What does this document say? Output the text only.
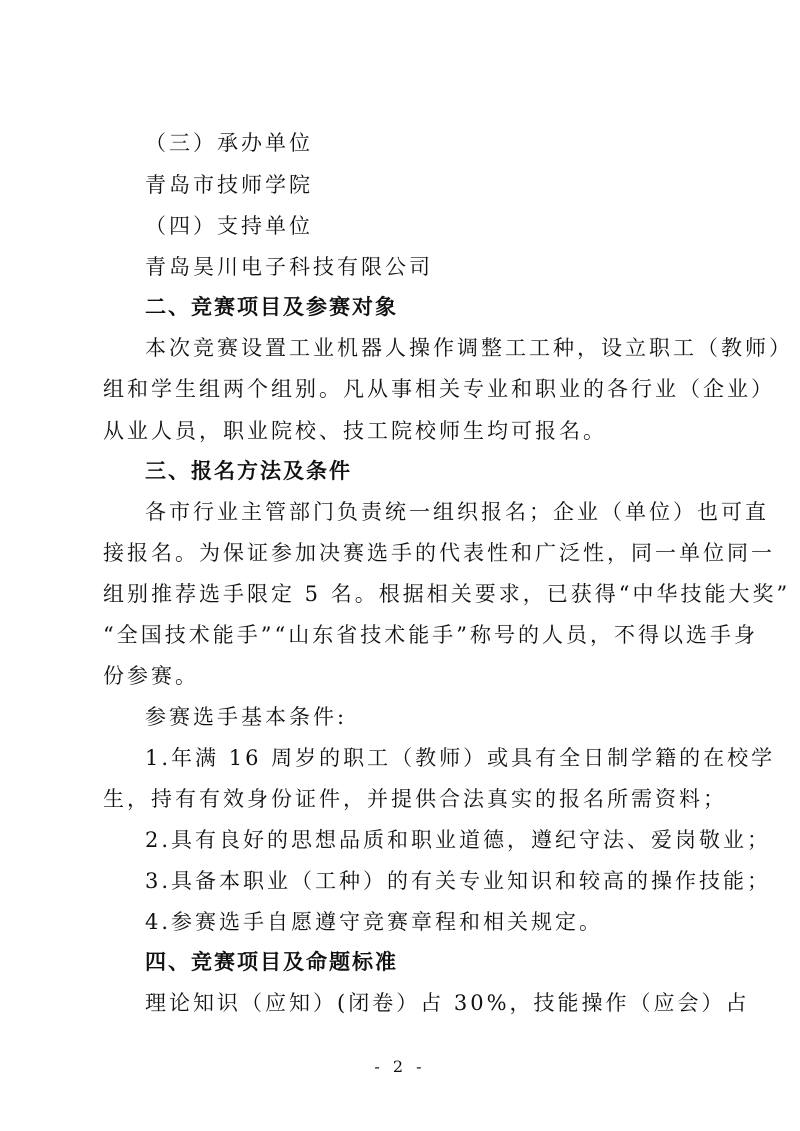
（三）承办单位
青岛市技师学院
（四）支持单位
青岛昊川电子科技有限公司
二、竞赛项目及参赛对象
本次竞赛设置工业机器人操作调整工工种，设立职工（教师）
组和学生组两个组别。凡从事相关专业和职业的各行业（企业）
从业人员，职业院校、技工院校师生均可报名。
三、报名方法及条件
各市行业主管部门负责统一组织报名；企业（单位）也可直
接报名。为保证参加决赛选手的代表性和广泛性，同一单位同一
组别推荐选手限定 5 名。根据相关要求，已获得“中华技能大奖”
“全国技术能手”“山东省技术能手”称号的人员，不得以选手身
份参赛。
参赛选手基本条件:
1.年满 16 周岁的职工（教师）或具有全日制学籍的在校学
生，持有有效身份证件，并提供合法真实的报名所需资料；
2.具有良好的思想品质和职业道德，遵纪守法、爱岗敬业；
3.具备本职业（工种）的有关专业知识和较高的操作技能；
4.参赛选手自愿遵守竞赛章程和相关规定。
四、竞赛项目及命题标准
理论知识（应知）(闭卷）占 30%，技能操作（应会）占
- 2 -
